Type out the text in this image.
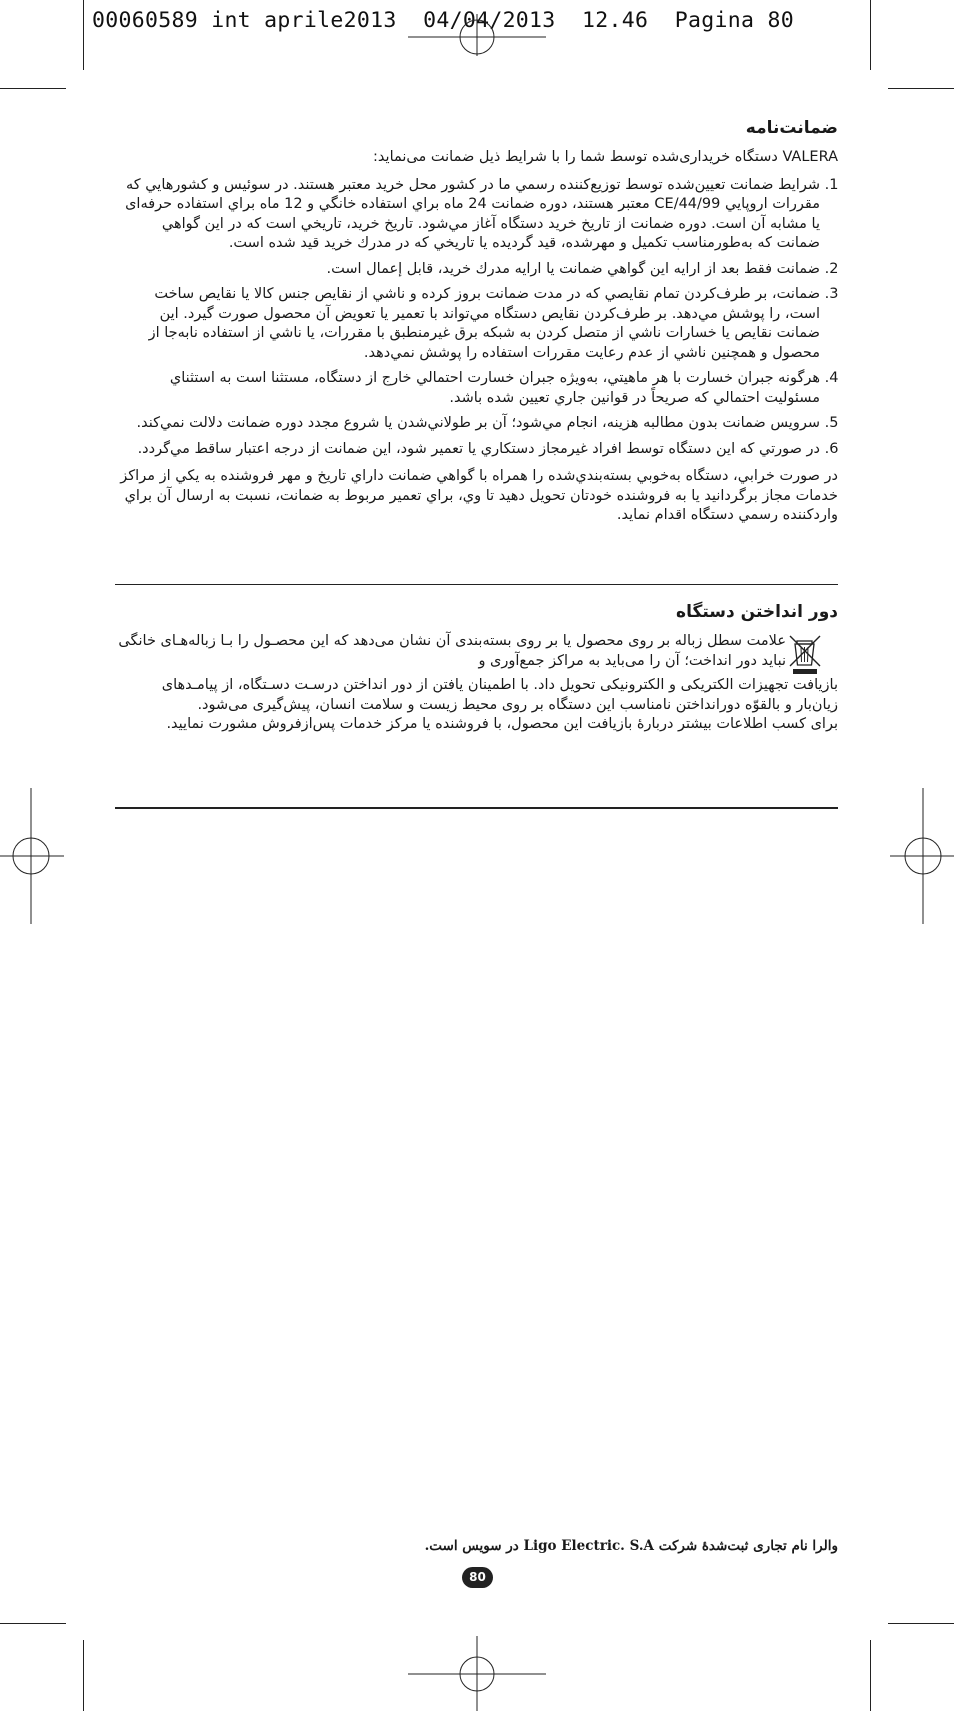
00060589 int aprile2013  04/04/2013  12.46  Pagina 80
ضمانت‌نامه

VALERA دستگاه خریداری‌شده توسط شما را با شرایط ذیل ضمانت می‌نماید:

1. شرايط ضمانت تعيين‌شده توسط توزيع‌كننده رسمي ما در كشور محل خريد معتبر هستند. در سوئيس و كشورهايي كه مقررات اروپايي 44/99/CE معتبر هستند، دوره ضمانت 24 ماه براي استفاده خانگي و 12 ماه براي استفاده حرفه‌اى يا مشابه آن است. دوره ضمانت از تاريخ خريد دستگاه آغاز مي‌شود. تاريخ خريد، تاريخي است كه در اين گواهي ضمانت كه به‌طورمناسب تكميل و مهرشده، قيد گرديده يا تاريخي كه در مدرك خريد قيد شده است.
2. ضمانت فقط بعد از ارايه اين گواهي ضمانت يا ارايه مدرك خريد، قابل إعمال است.
3. ضمانت، بر طرف‌كردن تمام نقايصي كه در مدت ضمانت بروز كرده و ناشي از نقايص جنس كالا يا نقايص ساخت است، را پوشش مي‌دهد. بر طرف‌كردن نقايص دستگاه مي‌تواند با تعمير يا تعويض آن محصول صورت گيرد. اين ضمانت نقايص يا خسارات ناشي از متصل كردن به شبكه برق غيرمنطبق با مقررات، يا ناشي از استفاده نابه‌جا از محصول و همچنين ناشي از عدم رعايت مقررات استفاده را پوشش نمي‌دهد.
4. هرگونه جبران خسارت با هر ماهيتي، به‌ويژه جبران خسارت احتمالي خارج از دستگاه، مستثنا است به استثناي مسئوليت احتمالي كه صريحاً در قوانين جاري تعيين شده باشد.
5. سرويس ضمانت بدون مطالبه هزينه، انجام مي‌شود؛ آن بر طولاني‌شدن يا شروع مجدد دوره ضمانت دلالت نمي‌كند.
6. در صورتي كه اين دستگاه توسط افراد غيرمجاز دستكاري يا تعمير شود، اين ضمانت از درجه اعتبار ساقط مي‌گردد.

در صورت خرابي، دستگاه به‌خوبي بسته‌بندي‌شده را همراه با گواهي ضمانت داراي تاريخ و مهر فروشنده به يكي از مراكز خدمات مجاز برگردانيد يا به فروشنده خودتان تحويل دهيد تا وي، براي تعمير مربوط به ضمانت، نسبت به ارسال آن براي واردكننده رسمي دستگاه اقدام نمايد.

دور انداختن دستگاه
علامت سطل زباله بر روی محصول یا بر روی بسته‌بندی آن نشان می‌دهد که این محصـول را بـا زباله‌هـای خانگی نباید دور انداخت؛ آن را می‌باید به مراکز جمع‌آوری و

بازیافت تجهیزات الکتریکی و الکترونیکی تحویل داد. با اطمینان یافتن از دور انداختن درسـت دسـتگاه، از پیامـدهای زیان‌بار و بالقوّه دورانداختن نامناسب این دستگاه بر روی محیط زیست و سلامت انسان، پیش‌گیری می‌شود.

برای کسب اطلاعات بیشتر دربارهٔ بازیافت این محصول، با فروشنده یا مرکز خدمات پس‌ازفروش مشورت نمایید.

والرا نام تجاری ثبت‌شدهٔ شرکت Ligo Electric. S.A در سویس است.
80
